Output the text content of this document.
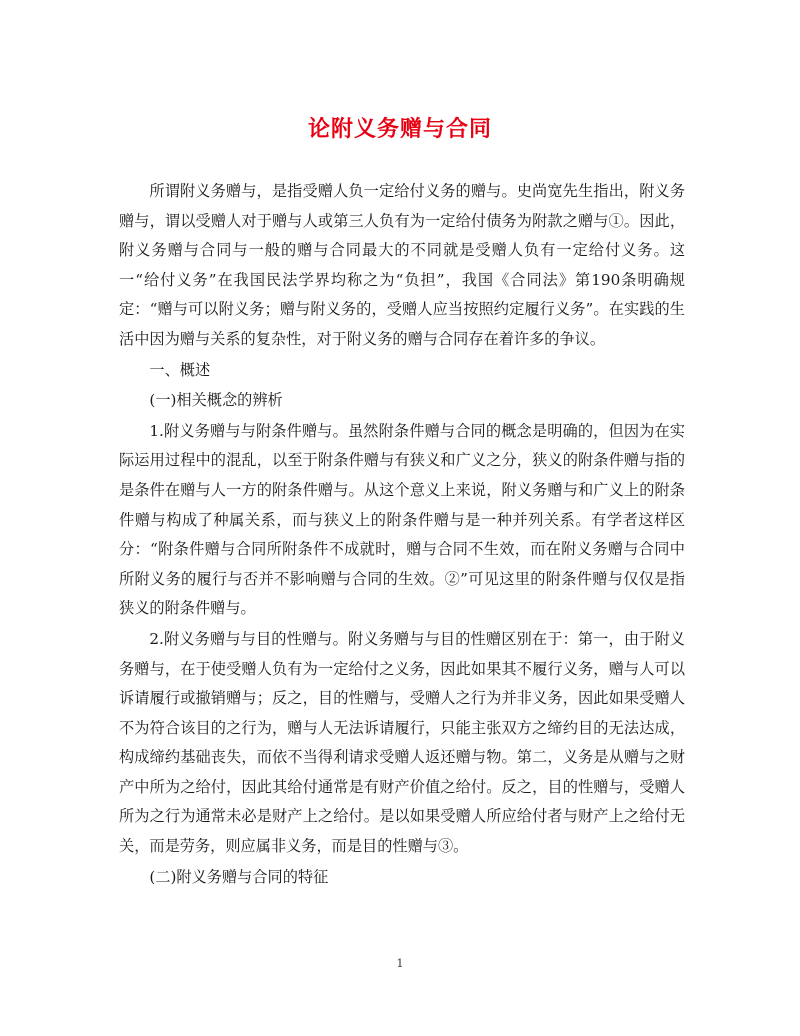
论附义务赠与合同

所谓附义务赠与，是指受赠人负一定给付义务的赠与。史尚宽先生指出，附义务赠与，谓以受赠人对于赠与人或第三人负有为一定给付债务为附款之赠与①。因此，附义务赠与合同与一般的赠与合同最大的不同就是受赠人负有一定给付义务。这一“给付义务”在我国民法学界均称之为“负担”，我国《合同法》第190条明确规定：“赠与可以附义务；赠与附义务的，受赠人应当按照约定履行义务”。在实践的生活中因为赠与关系的复杂性，对于附义务的赠与合同存在着许多的争议。

一、概述

(一)相关概念的辨析

1.附义务赠与与附条件赠与。虽然附条件赠与合同的概念是明确的，但因为在实际运用过程中的混乱，以至于附条件赠与有狭义和广义之分，狭义的附条件赠与指的是条件在赠与人一方的附条件赠与。从这个意义上来说，附义务赠与和广义上的附条件赠与构成了种属关系，而与狭义上的附条件赠与是一种并列关系。有学者这样区分：“附条件赠与合同所附条件不成就时，赠与合同不生效，而在附义务赠与合同中所附义务的履行与否并不影响赠与合同的生效。②”可见这里的附条件赠与仅仅是指狭义的附条件赠与。

2.附义务赠与与目的性赠与。附义务赠与与目的性赠区别在于：第一，由于附义务赠与，在于使受赠人负有为一定给付之义务，因此如果其不履行义务，赠与人可以诉请履行或撤销赠与；反之，目的性赠与，受赠人之行为并非义务，因此如果受赠人不为符合该目的之行为，赠与人无法诉请履行，只能主张双方之缔约目的无法达成，构成缔约基础丧失，而依不当得利请求受赠人返还赠与物。第二，义务是从赠与之财产中所为之给付，因此其给付通常是有财产价值之给付。反之，目的性赠与，受赠人所为之行为通常未必是财产上之给付。是以如果受赠人所应给付者与财产上之给付无关，而是劳务，则应属非义务，而是目的性赠与③。

(二)附义务赠与合同的特征

1
